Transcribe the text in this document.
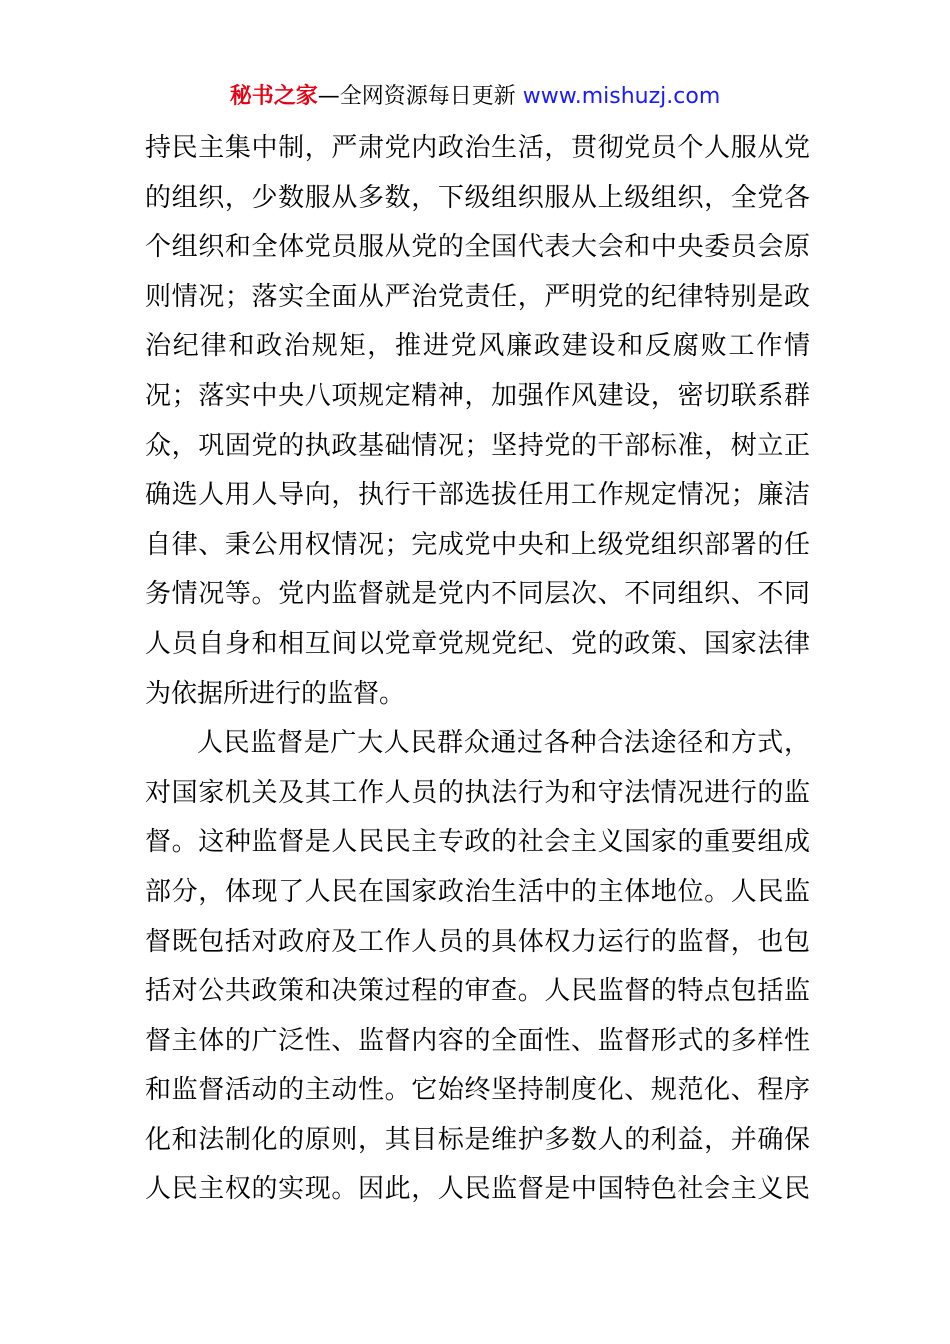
秘书之家—全网资源每日更新 www.mishuzj.com
持民主集中制，严肃党内政治生活，贯彻党员个人服从党
的组织，少数服从多数，下级组织服从上级组织，全党各
个组织和全体党员服从党的全国代表大会和中央委员会原
则情况；落实全面从严治党责任，严明党的纪律特别是政
治纪律和政治规矩，推进党风廉政建设和反腐败工作情
况；落实中央八项规定精神，加强作风建设，密切联系群
众，巩固党的执政基础情况；坚持党的干部标准，树立正
确选人用人导向，执行干部选拔任用工作规定情况；廉洁
自律、秉公用权情况；完成党中央和上级党组织部署的任
务情况等。党内监督就是党内不同层次、不同组织、不同
人员自身和相互间以党章党规党纪、党的政策、国家法律
为依据所进行的监督。
人民监督是广大人民群众通过各种合法途径和方式，
对国家机关及其工作人员的执法行为和守法情况进行的监
督。这种监督是人民民主专政的社会主义国家的重要组成
部分，体现了人民在国家政治生活中的主体地位。人民监
督既包括对政府及工作人员的具体权力运行的监督，也包
括对公共政策和决策过程的审查。人民监督的特点包括监
督主体的广泛性、监督内容的全面性、监督形式的多样性
和监督活动的主动性。它始终坚持制度化、规范化、程序
化和法制化的原则，其目标是维护多数人的利益，并确保
人民主权的实现。因此，人民监督是中国特色社会主义民
